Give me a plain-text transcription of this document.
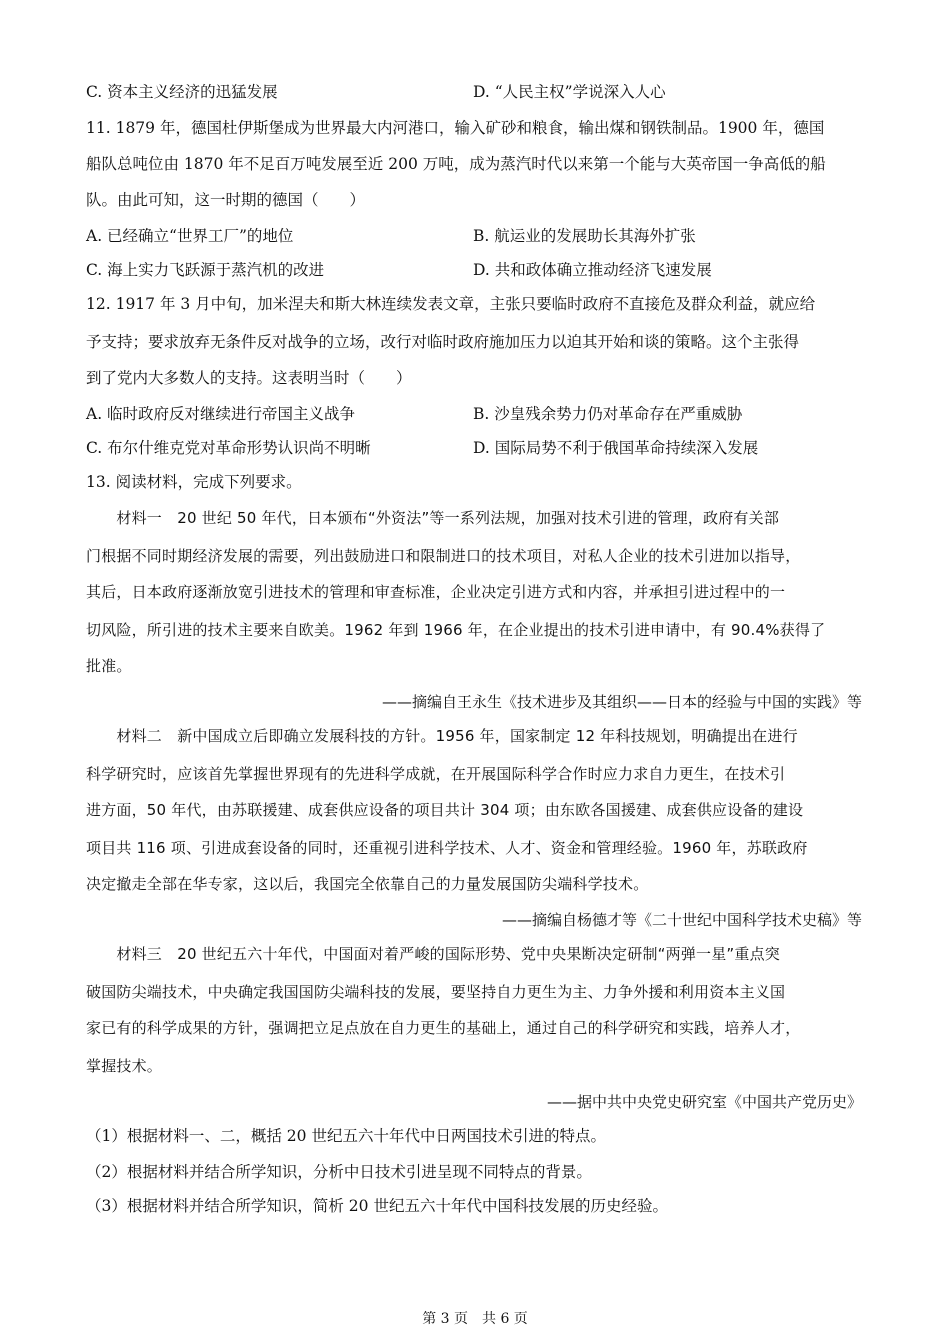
C. 资本主义经济的迅猛发展	D. “人民主权”学说深入人心
11. 1879 年，德国杜伊斯堡成为世界最大内河港口，输入矿砂和粮食，输出煤和钢铁制品。1900 年，德国
船队总吨位由 1870 年不足百万吨发展至近 200 万吨，成为蒸汽时代以来第一个能与大英帝国一争高低的船
队。由此可知，这一时期的德国（　　）
A. 已经确立“世界工厂”的地位	B. 航运业的发展助长其海外扩张
C. 海上实力飞跃源于蒸汽机的改进	D. 共和政体确立推动经济飞速发展
12. 1917 年 3 月中旬，加米涅夫和斯大林连续发表文章，主张只要临时政府不直接危及群众利益，就应给
予支持；要求放弃无条件反对战争的立场，改行对临时政府施加压力以迫其开始和谈的策略。这个主张得
到了党内大多数人的支持。这表明当时（　　）
A. 临时政府反对继续进行帝国主义战争	B. 沙皇残余势力仍对革命存在严重威胁
C. 布尔什维克党对革命形势认识尚不明晰	D. 国际局势不利于俄国革命持续深入发展
13. 阅读材料，完成下列要求。
　　材料一　20 世纪 50 年代，日本颁布“外资法”等一系列法规，加强对技术引进的管理，政府有关部
门根据不同时期经济发展的需要，列出鼓励进口和限制进口的技术项目，对私人企业的技术引进加以指导，
其后，日本政府逐渐放宽引进技术的管理和审查标准，企业决定引进方式和内容，并承担引进过程中的一
切风险，所引进的技术主要来自欧美。1962 年到 1966 年，在企业提出的技术引进申请中，有 90.4%获得了
批准。
——摘编自王永生《技术进步及其组织——日本的经验与中国的实践》等
　　材料二　新中国成立后即确立发展科技的方针。1956 年，国家制定 12 年科技规划，明确提出在进行
科学研究时，应该首先掌握世界现有的先进科学成就，在开展国际科学合作时应力求自力更生，在技术引
进方面，50 年代，由苏联援建、成套供应设备的项目共计 304 项；由东欧各国援建、成套供应设备的建设
项目共 116 项、引进成套设备的同时，还重视引进科学技术、人才、资金和管理经验。1960 年，苏联政府
决定撤走全部在华专家，这以后，我国完全依靠自己的力量发展国防尖端科学技术。
——摘编自杨德才等《二十世纪中国科学技术史稿》等
　　材料三　20 世纪五六十年代，中国面对着严峻的国际形势、党中央果断决定研制“两弹一星”重点突
破国防尖端技术，中央确定我国国防尖端科技的发展，要坚持自力更生为主、力争外援和利用资本主义国
家已有的科学成果的方针，强调把立足点放在自力更生的基础上，通过自己的科学研究和实践，培养人才，
掌握技术。
——据中共中央党史研究室《中国共产党历史》
（1）根据材料一、二，概括 20 世纪五六十年代中日两国技术引进的特点。
（2）根据材料并结合所学知识，分析中日技术引进呈现不同特点的背景。
（3）根据材料并结合所学知识，简析 20 世纪五六十年代中国科技发展的历史经验。
第 3 页　共 6 页
